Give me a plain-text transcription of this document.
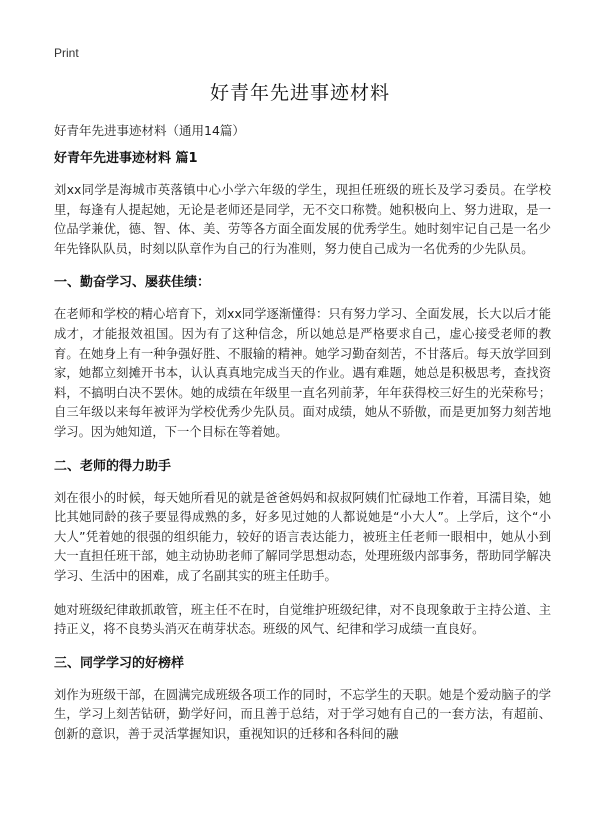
Print
好青年先进事迹材料
好青年先进事迹材料（通用14篇）
好青年先进事迹材料 篇1

刘xx同学是海城市英落镇中心小学六年级的学生，现担任班级的班长及学习委员。在学校里，每逢有人提起她，无论是老师还是同学，无不交口称赞。她积极向上、努力进取，是一位品学兼优，德、智、体、美、劳等各方面全面发展的优秀学生。她时刻牢记自己是一名少年先锋队队员，时刻以队章作为自己的行为准则，努力使自己成为一名优秀的少先队员。

一、勤奋学习、屡获佳绩：

在老师和学校的精心培育下，刘xx同学逐渐懂得：只有努力学习、全面发展，长大以后才能成才，才能报效祖国。因为有了这种信念，所以她总是严格要求自己，虚心接受老师的教育。在她身上有一种争强好胜、不服输的精神。她学习勤奋刻苦，不甘落后。每天放学回到家，她都立刻摊开书本，认认真真地完成当天的作业。遇有难题，她总是积极思考，查找资料，不搞明白决不罢休。她的成绩在年级里一直名列前茅，年年获得校三好生的光荣称号；自三年级以来每年被评为学校优秀少先队员。面对成绩，她从不骄傲，而是更加努力刻苦地学习。因为她知道，下一个目标在等着她。

二、老师的得力助手

刘在很小的时候，每天她所看见的就是爸爸妈妈和叔叔阿姨们忙碌地工作着，耳濡目染，她比其她同龄的孩子要显得成熟的多，好多见过她的人都说她是“小大人”。上学后，这个“小大人”凭着她的很强的组织能力，较好的语言表达能力，被班主任老师一眼相中，她从小到大一直担任班干部，她主动协助老师了解同学思想动态，处理班级内部事务，帮助同学解决学习、生活中的困难，成了名副其实的班主任助手。

她对班级纪律敢抓敢管，班主任不在时，自觉维护班级纪律，对不良现象敢于主持公道、主持正义，将不良势头消灭在萌芽状态。班级的风气、纪律和学习成绩一直良好。

三、同学学习的好榜样

刘作为班级干部，在圆满完成班级各项工作的同时，不忘学生的天职。她是个爱动脑子的学生，学习上刻苦钻研，勤学好问，而且善于总结，对于学习她有自己的一套方法，有超前、创新的意识，善于灵活掌握知识，重视知识的迁移和各科间的融
